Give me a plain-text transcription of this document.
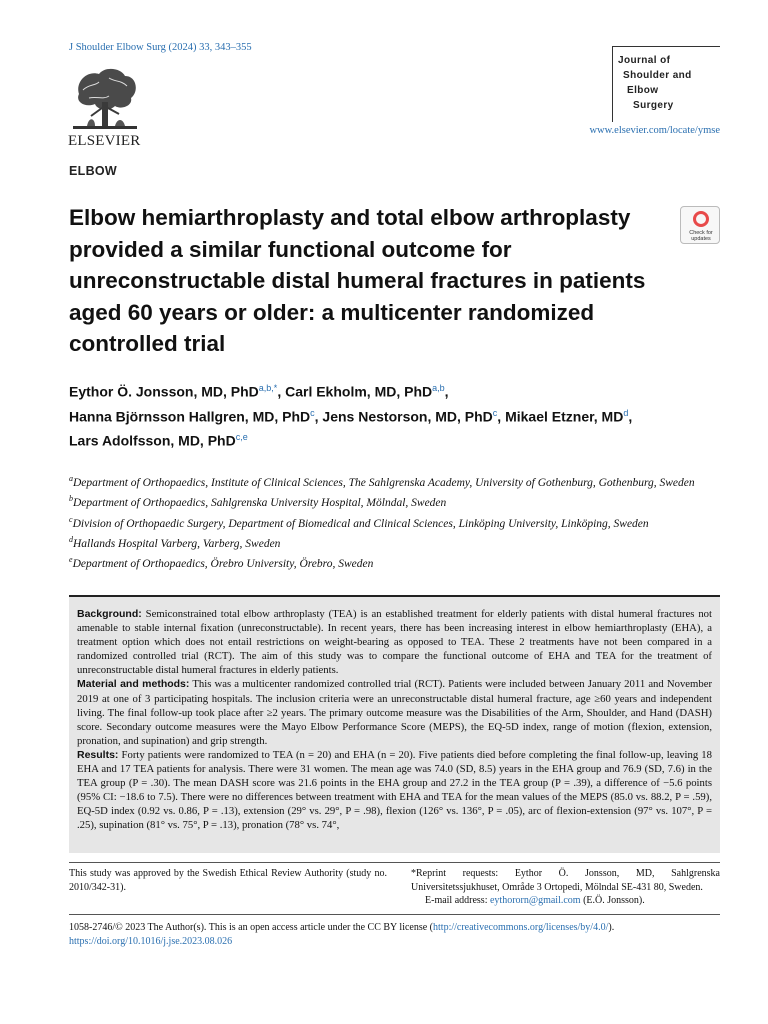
J Shoulder Elbow Surg (2024) 33, 343–355
ELSEVIER
Journal of
Shoulder and
Elbow
Surgery
www.elsevier.com/locate/ymse
ELBOW
Elbow hemiarthroplasty and total elbow arthroplasty provided a similar functional outcome for unreconstructable distal humeral fractures in patients aged 60 years or older: a multicenter randomized controlled trial
Check for
updates
Eythor Ö. Jonsson, MD, PhD$^{a,b,*}$, Carl Ekholm, MD, PhD$^{a,b}$,
Hanna Björnsson Hallgren, MD, PhD$^c$, Jens Nestorson, MD, PhD$^c$, Mikael Etzner, $MD^d$,
Lars Adolfsson, MD, PhD$^{c,e}$
$^a$Department of Orthopaedics, Institute of Clinical Sciences, The Sahlgrenska Academy, University of Gothenburg, Gothenburg, Sweden
$^b$Department of Orthopaedics, Sahlgrenska University Hospital, Mölndal, Sweden
$^c$Division of Orthopaedic Surgery, Department of Biomedical and Clinical Sciences, Linköping University, Linköping, Sweden
$^d$Hallands Hospital Varberg, Varberg, Sweden
$^e$Department of Orthopaedics, Örebro University, Örebro, Sweden

Background: Semiconstrained total elbow arthroplasty (TEA) is an established treatment for elderly patients with distal humeral fractures not amenable to stable internal fixation (unreconstructable). In recent years, there has been increasing interest in elbow hemiarthroplasty (EHA), a treatment option which does not entail restrictions on weight-bearing as opposed to TEA. These 2 treatments have not been compared in a randomized controlled trial (RCT). The aim of this study was to compare the functional outcome of EHA and TEA for the treatment of unreconstructable distal humeral fractures in elderly patients.

Material and methods: This was a multicenter randomized controlled trial (RCT). Patients were included between January 2011 and November 2019 at one of 3 participating hospitals. The inclusion criteria were an unreconstructable distal humeral fracture, age ≥60 years and independent living. The final follow-up took place after ≥2 years. The primary outcome measure was the Disabilities of the Arm, Shoulder, and Hand (DASH) score. Secondary outcome measures were the Mayo Elbow Performance Score (MEPS), the EQ-5D index, range of motion (flexion, extension, pronation, and supination) and grip strength.

Results: Forty patients were randomized to TEA (n = 20) and EHA (n = 20). Five patients died before completing the final follow-up, leaving 18 EHA and 17 TEA patients for analysis. There were 31 women. The mean age was 74.0 (SD, 8.5) years in the EHA group and 76.9 (SD, 7.6) in the TEA group (P = .30). The mean DASH score was 21.6 points in the EHA group and 27.2 in the TEA group (P = .39), a difference of −5.6 points (95% CI: −18.6 to 7.5). There were no differences between treatment with EHA and TEA for the mean values of the MEPS (85.0 vs. 88.2, P = .59), EQ-5D index (0.92 vs. 0.86, P = .13), extension (29° vs. 29°, P = .98), flexion (126° vs. 136°, P = .05), arc of flexion-extension (97° vs. 107°, P = .25), supination (81° vs. 75°, P = .13), pronation (78° vs. 74°,

This study was approved by the Swedish Ethical Review Authority (study no. 2010/342-31).
*Reprint requests: Eythor Ö. Jonsson, MD, Sahlgrenska Universitetssjukhuset, Område 3 Ortopedi, Mölndal SE-431 80, Sweden.
E-mail address: eythororn@gmail.com (E.Ö. Jonsson).
1058-2746/© 2023 The Author(s). This is an open access article under the CC BY license (http://creativecommons.org/licenses/by/4.0/).
https://doi.org/10.1016/j.jse.2023.08.026
